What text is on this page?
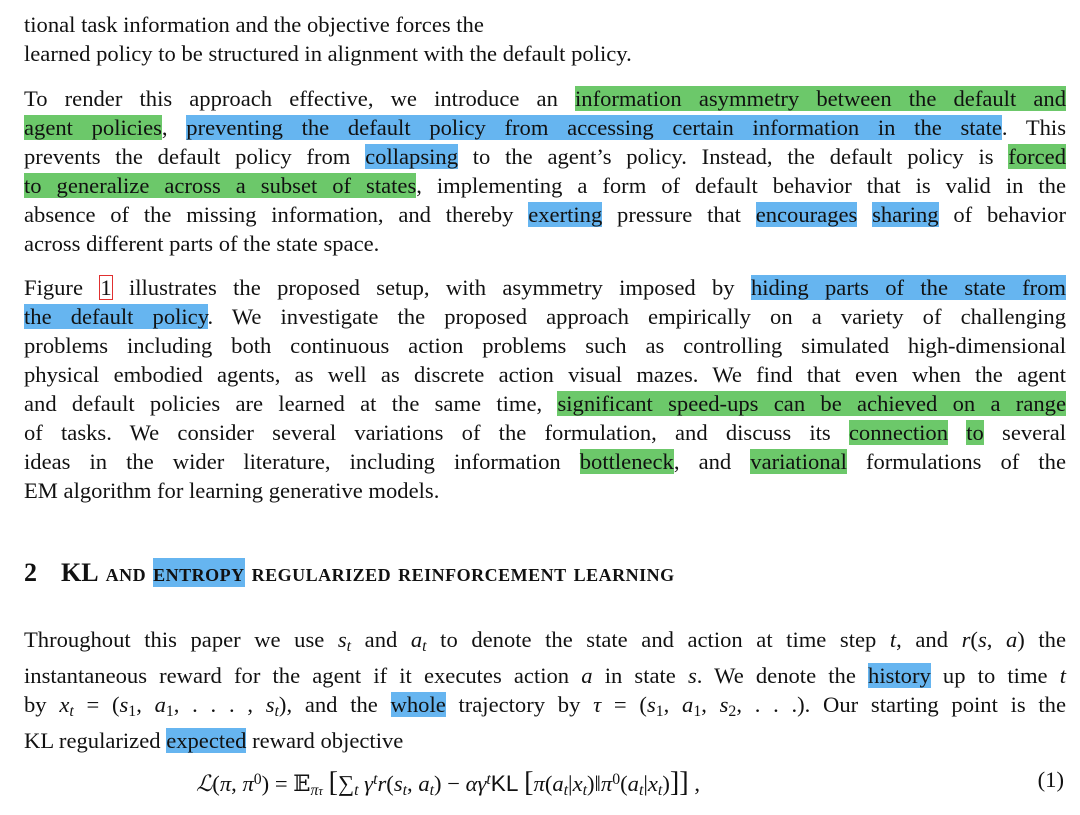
tional task information and the objective forces the
learned policy to be structured in alignment with the default policy.
To render this approach effective, we introduce an information asymmetry between the default and
agent policies, preventing the default policy from accessing certain information in the state. This
prevents the default policy from collapsing to the agent’s policy. Instead, the default policy is forced
to generalize across a subset of states, implementing a form of default behavior that is valid in the
absence of the missing information, and thereby exerting pressure that encourages sharing of behavior
across different parts of the state space.
Figure 1 illustrates the proposed setup, with asymmetry imposed by hiding parts of the state from
the default policy. We investigate the proposed approach empirically on a variety of challenging
problems including both continuous action problems such as controlling simulated high-dimensional
physical embodied agents, as well as discrete action visual mazes. We find that even when the agent
and default policies are learned at the same time, significant speed-ups can be achieved on a range
of tasks. We consider several variations of the formulation, and discuss its connection to several
ideas in the wider literature, including information bottleneck, and variational formulations of the
EM algorithm for learning generative models.
2 KL and entropy regularized reinforcement learning
Throughout this paper we use $s_t$ and $a_t$ to denote the state and action at time step t, and r(s, a) the
instantaneous reward for the agent if it executes action a in state s. We denote the history up to time t
by $x_t = (s_1$, $a_1$, . . . , $s_t$), and the whole trajectory by $\tau = (s_1$, $a_1$, $s_2$, . . .). Our starting point is the
KL regularized expected reward objective
ℒ(π, $\pi^0$) = 𝔼$_{\pi\tau}$ [$\sum_t$ $\gamma^tr(s_t$, $a_t) - \alpha\gamma^tKL$ $[\pi(a_t|x_t)‖\pi^0(a_t|x_t)]$] ,	(1)
